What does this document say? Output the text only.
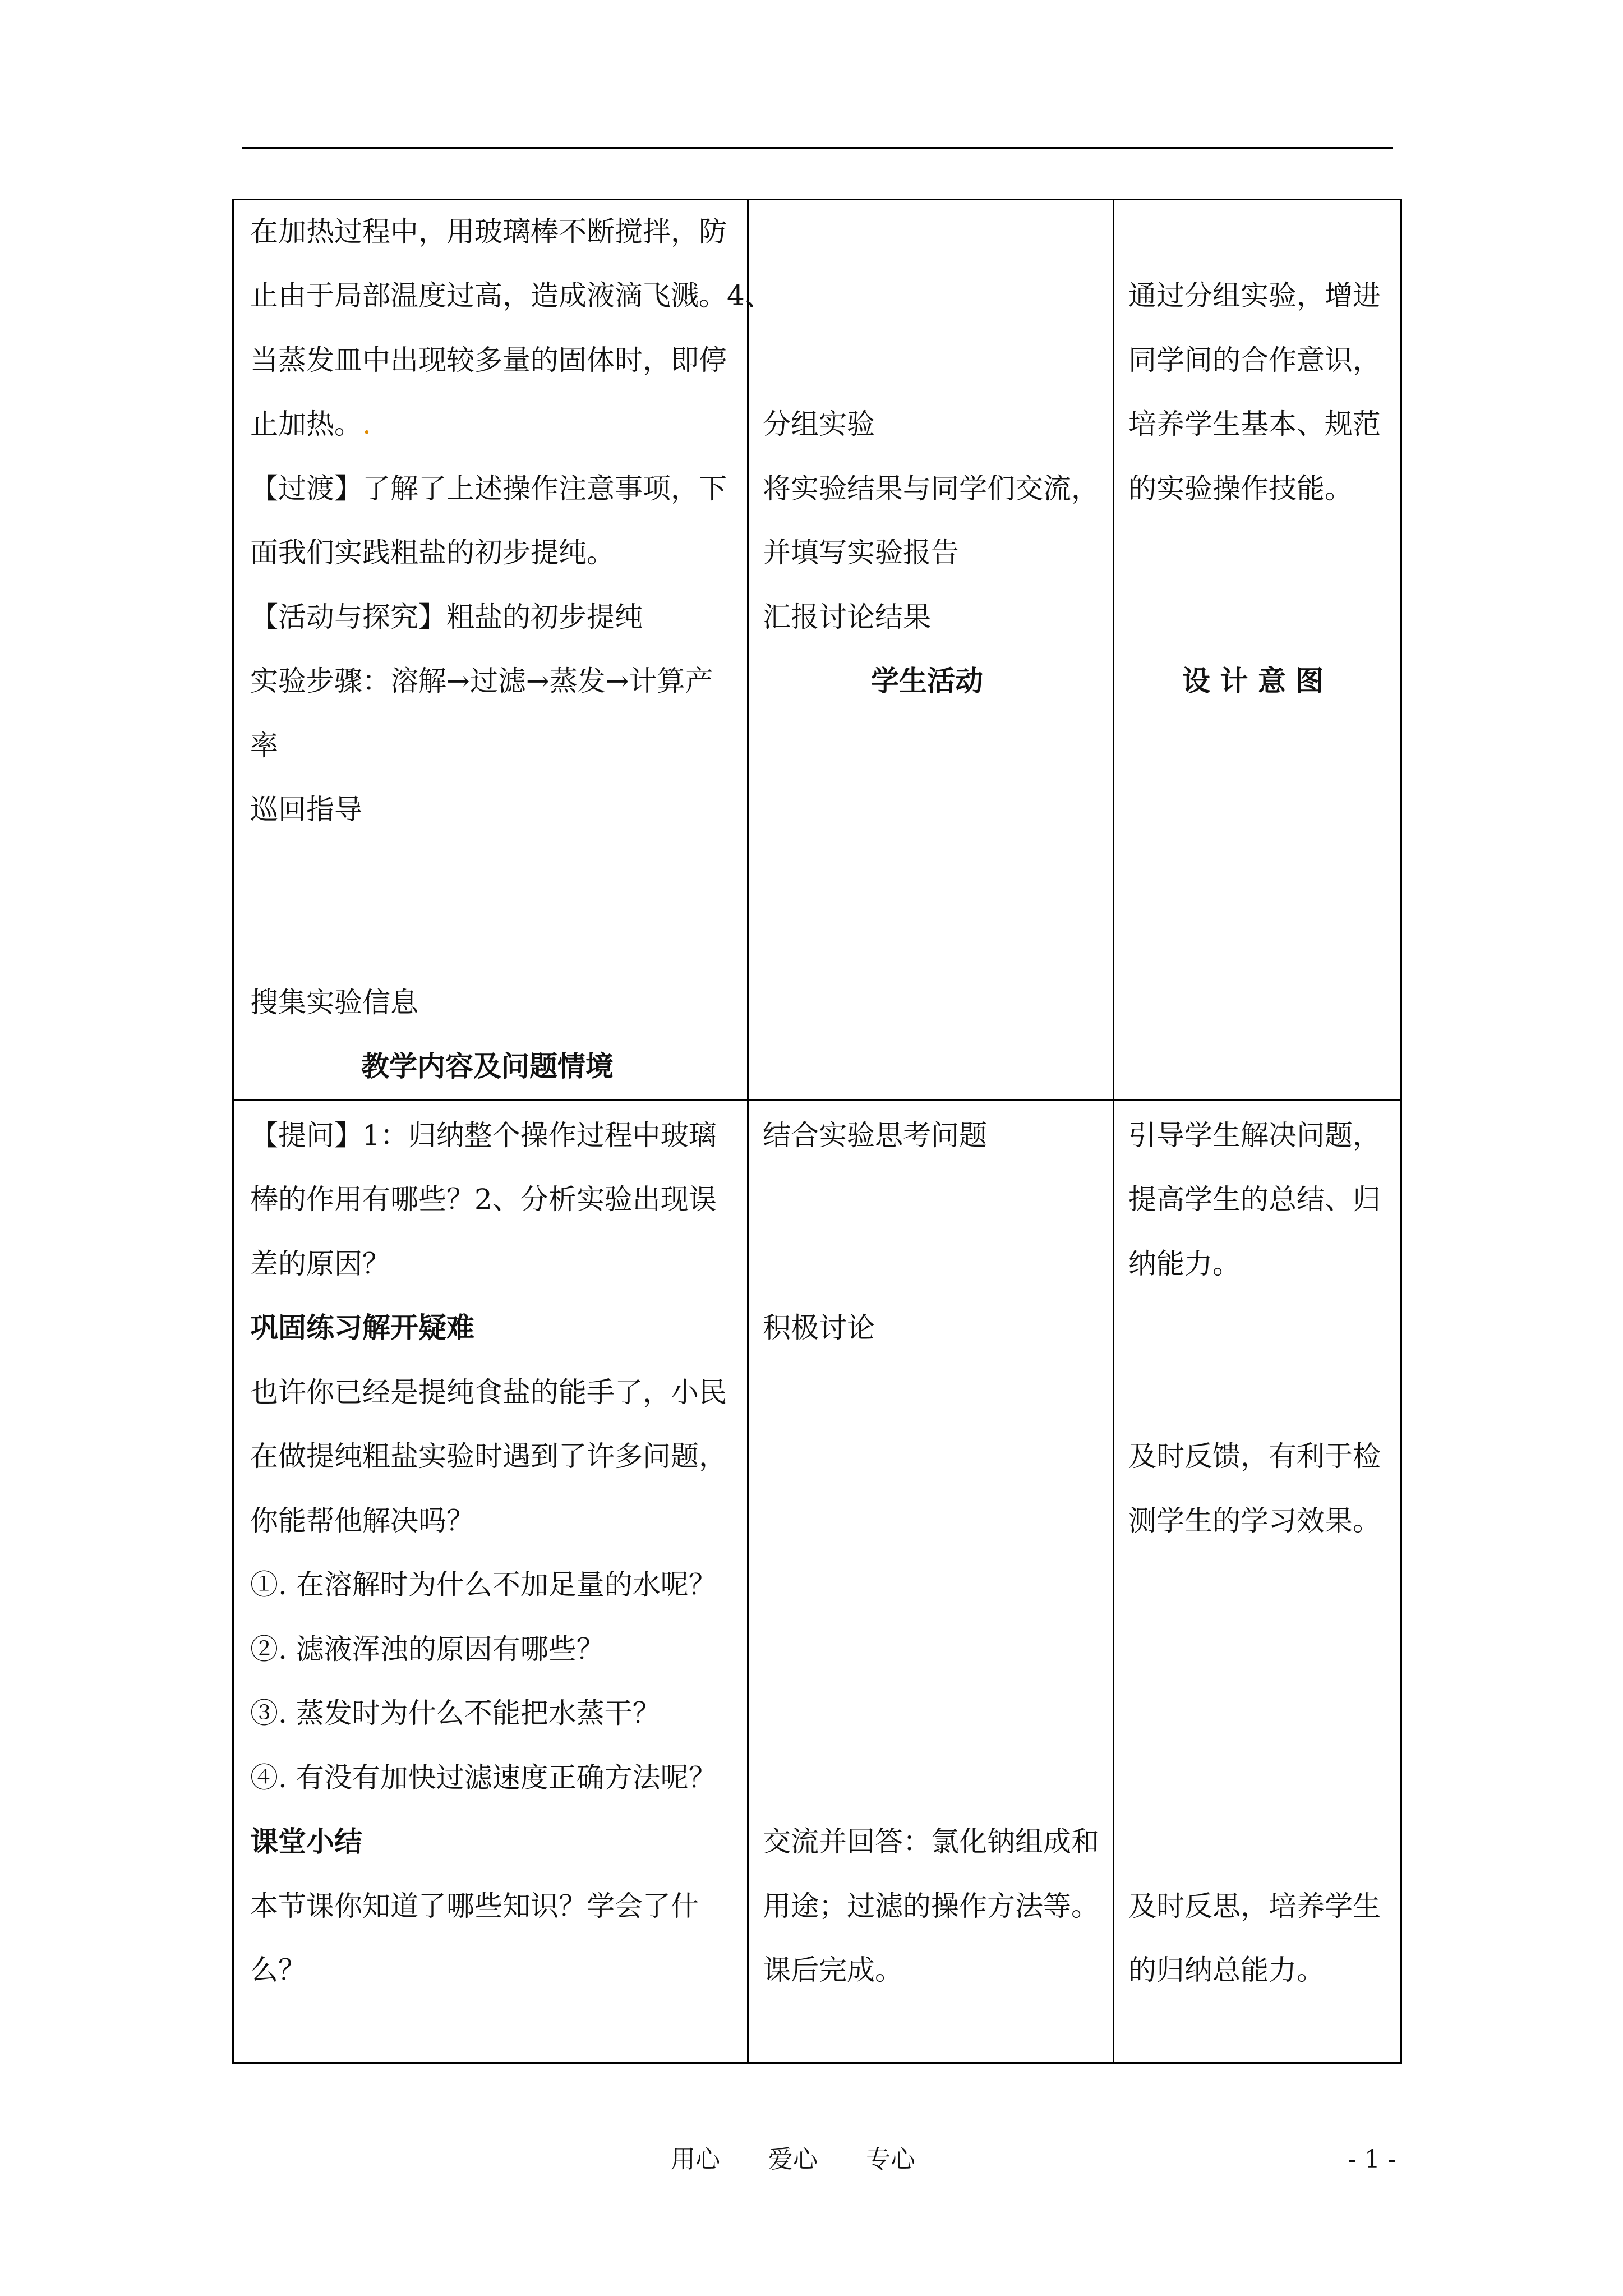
在加热过程中，用玻璃棒不断搅拌，防
止由于局部温度过高，造成液滴飞溅。4、
当蒸发皿中出现较多量的固体时，即停
止加热。.
【过渡】了解了上述操作注意事项，下
面我们实践粗盐的初步提纯。
【活动与探究】粗盐的初步提纯
实验步骤：溶解→过滤→蒸发→计算产
率
巡回指导
搜集实验信息
教学内容及问题情境
分组实验
将实验结果与同学们交流，
并填写实验报告
汇报讨论结果
学生活动
通过分组实验，增进
同学间的合作意识，
培养学生基本、规范
的实验操作技能。
设 计 意 图
【提问】1：归纳整个操作过程中玻璃
棒的作用有哪些？2、分析实验出现误
差的原因？
巩固练习解开疑难
也许你已经是提纯食盐的能手了，小民
在做提纯粗盐实验时遇到了许多问题，
你能帮他解决吗？
①. 在溶解时为什么不加足量的水呢？
②. 滤液浑浊的原因有哪些？
③. 蒸发时为什么不能把水蒸干？
④. 有没有加快过滤速度正确方法呢？
课堂小结
本节课你知道了哪些知识？学会了什
么？
结合实验思考问题
积极讨论
交流并回答：氯化钠组成和
用途；过滤的操作方法等。
课后完成。
引导学生解决问题，
提高学生的总结、归
纳能力。
及时反馈，有利于检
测学生的学习效果。
及时反思，培养学生
的归纳总能力。
用心 爱心 专心	- 1 -
